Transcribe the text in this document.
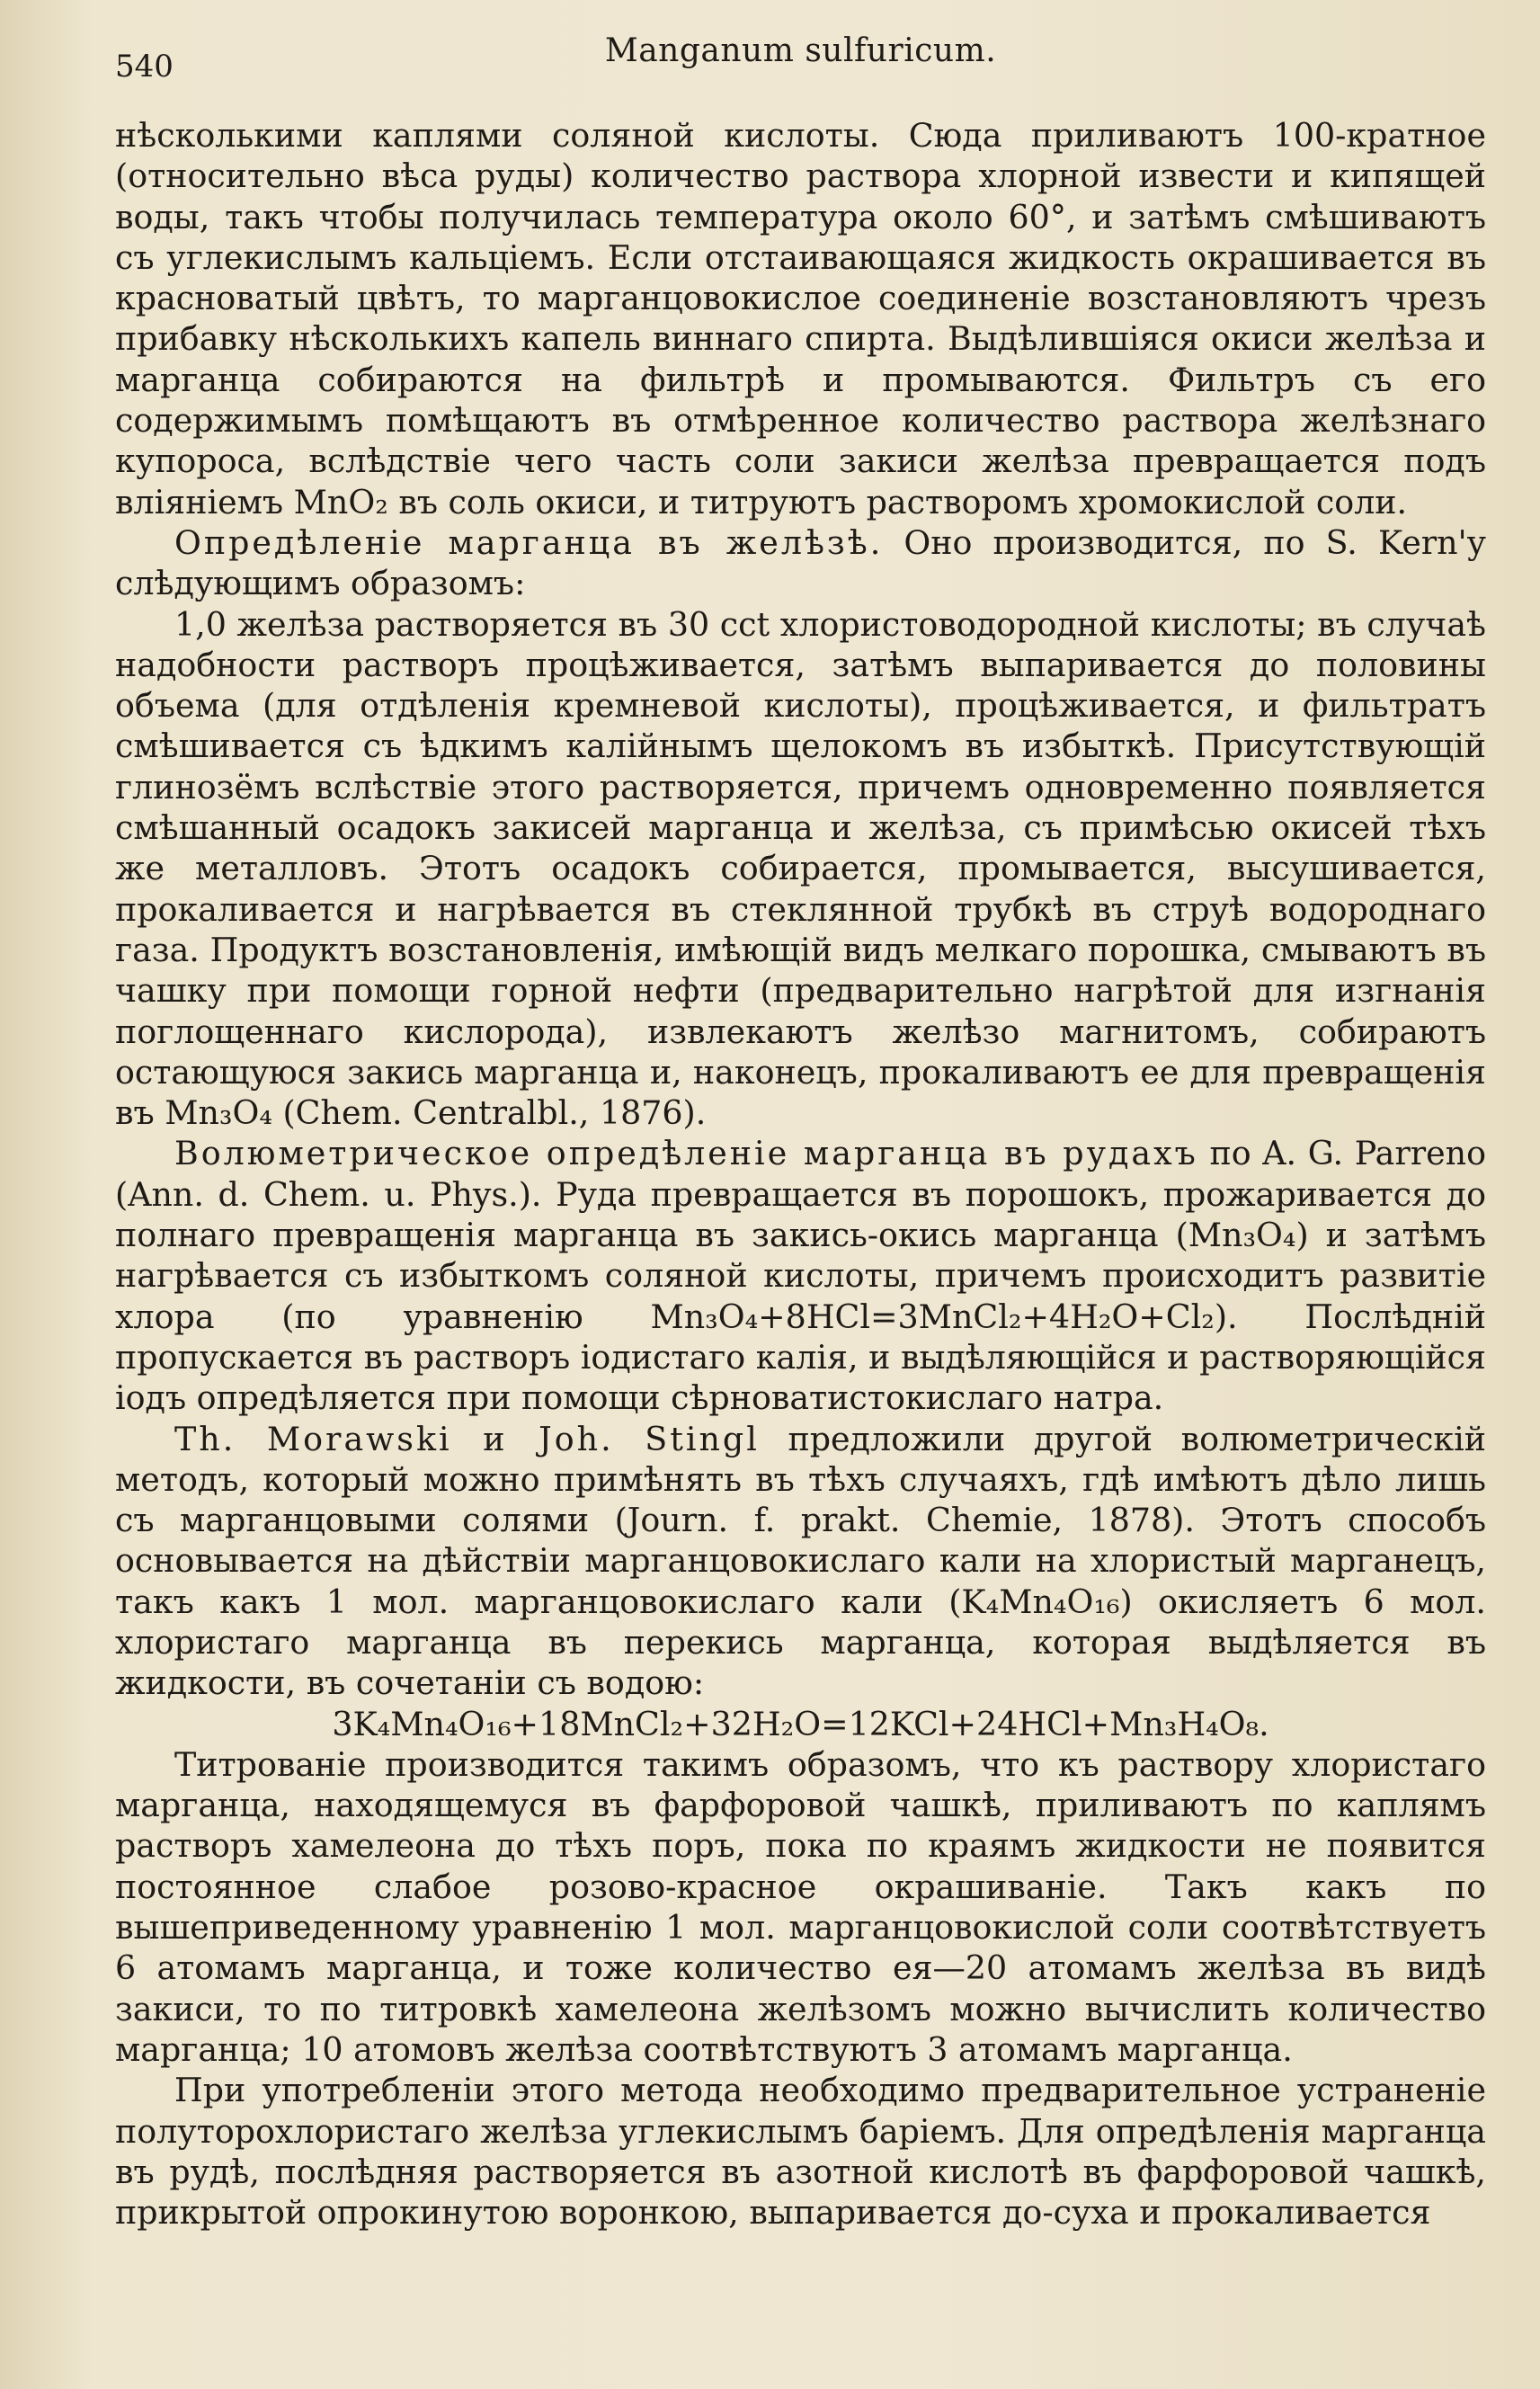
540	Manganum sulfuricum.

нѣсколькими каплями соляной кислоты. Сюда приливаютъ 100-кратное (относительно вѣса руды) количество раствора хлорной извести и кипящей воды, такъ чтобы получилась температура около 60°, и затѣмъ смѣшиваютъ съ углекислымъ кальціемъ. Если отстаивающаяся жидкость окрашивается въ красноватый цвѣтъ, то марганцовокислое соединеніе возстановляютъ чрезъ прибавку нѣсколькихъ капель виннаго спирта. Выдѣлившіяся окиси желѣза и марганца собираются на фильтрѣ и промываются. Фильтръ съ его содержимымъ помѣщаютъ въ отмѣренное количество раствора желѣзнаго купороса, вслѣдствіе чего часть соли закиси желѣза превращается подъ вліяніемъ MnO₂ въ соль окиси, и титруютъ растворомъ хромокислой соли.

Опредѣленіе марганца въ желѣзѣ. Оно производится, по S. Kern'у слѣдующимъ образомъ:

1,0 желѣза растворяется въ 30 cct хлористоводородной кислоты; въ случаѣ надобности растворъ процѣживается, затѣмъ выпаривается до половины объема (для отдѣленія кремневой кислоты), процѣживается, и фильтратъ смѣшивается съ ѣдкимъ калійнымъ щелокомъ въ избыткѣ. Присутствующій глинозёмъ вслѣствіе этого растворяется, причемъ одновременно появляется смѣшанный осадокъ закисей марганца и желѣза, съ примѣсью окисей тѣхъ же металловъ. Этотъ осадокъ собирается, промывается, высушивается, прокаливается и нагрѣвается въ стеклянной трубкѣ въ струѣ водороднаго газа. Продуктъ возстановленія, имѣющій видъ мелкаго порошка, смываютъ въ чашку при помощи горной нефти (предварительно нагрѣтой для изгнанія поглощеннаго кислорода), извлекаютъ желѣзо магнитомъ, собираютъ остающуюся закись марганца и, наконецъ, прокаливаютъ ее для превращенія въ Mn₃O₄ (Chem. Centralbl., 1876).

Волюметрическое опредѣленіе марганца въ рудахъ по A. G. Parreno (Ann. d. Chem. u. Phys.). Руда превращается въ порошокъ, прожаривается до полнаго превращенія марганца въ закись-окись марганца (Mn₃O₄) и затѣмъ нагрѣвается съ избыткомъ соляной кислоты, причемъ происходитъ развитіе хлора (по уравненію Mn₃O₄+8HCl=3MnCl₂+4H₂O+Cl₂). Послѣдній пропускается въ растворъ іодистаго калія, и выдѣляющійся и растворяющійся іодъ опредѣляется при помощи сѣрноватистокислаго натра.

Th. Morawski и Joh. Stingl предложили другой волюметрическій методъ, который можно примѣнять въ тѣхъ случаяхъ, гдѣ имѣютъ дѣло лишь съ марганцовыми солями (Journ. f. prakt. Chemie, 1878). Этотъ способъ основывается на дѣйствіи марганцовокислаго кали на хлористый марганецъ, такъ какъ 1 мол. марганцовокислаго кали (K₄Mn₄O₁₆) окисляетъ 6 мол. хлористаго марганца въ перекись марганца, которая выдѣляется въ жидкости, въ сочетаніи съ водою:

3K₄Mn₄O₁₆+18MnCl₂+32H₂O=12KCl+24HCl+Mn₃H₄O₈.

Титрованіе производится такимъ образомъ, что къ раствору хлористаго марганца, находящемуся въ фарфоровой чашкѣ, приливаютъ по каплямъ растворъ хамелеона до тѣхъ поръ, пока по краямъ жидкости не появится постоянное слабое розово-красное окрашиваніе. Такъ какъ по вышеприведенному уравненію 1 мол. марганцовокислой соли соотвѣтствуетъ 6 атомамъ марганца, и тоже количество ея—20 атомамъ желѣза въ видѣ закиси, то по титровкѣ хамелеона желѣзомъ можно вычислить количество марганца; 10 атомовъ желѣза соотвѣтствуютъ 3 атомамъ марганца.

При употребленіи этого метода необходимо предварительное устраненіе полуторохлористаго желѣза углекислымъ баріемъ. Для опредѣленія марганца въ рудѣ, послѣдняя растворяется въ азотной кислотѣ въ фарфоровой чашкѣ, прикрытой опрокинутою воронкою, выпаривается до-суха и прокаливается
